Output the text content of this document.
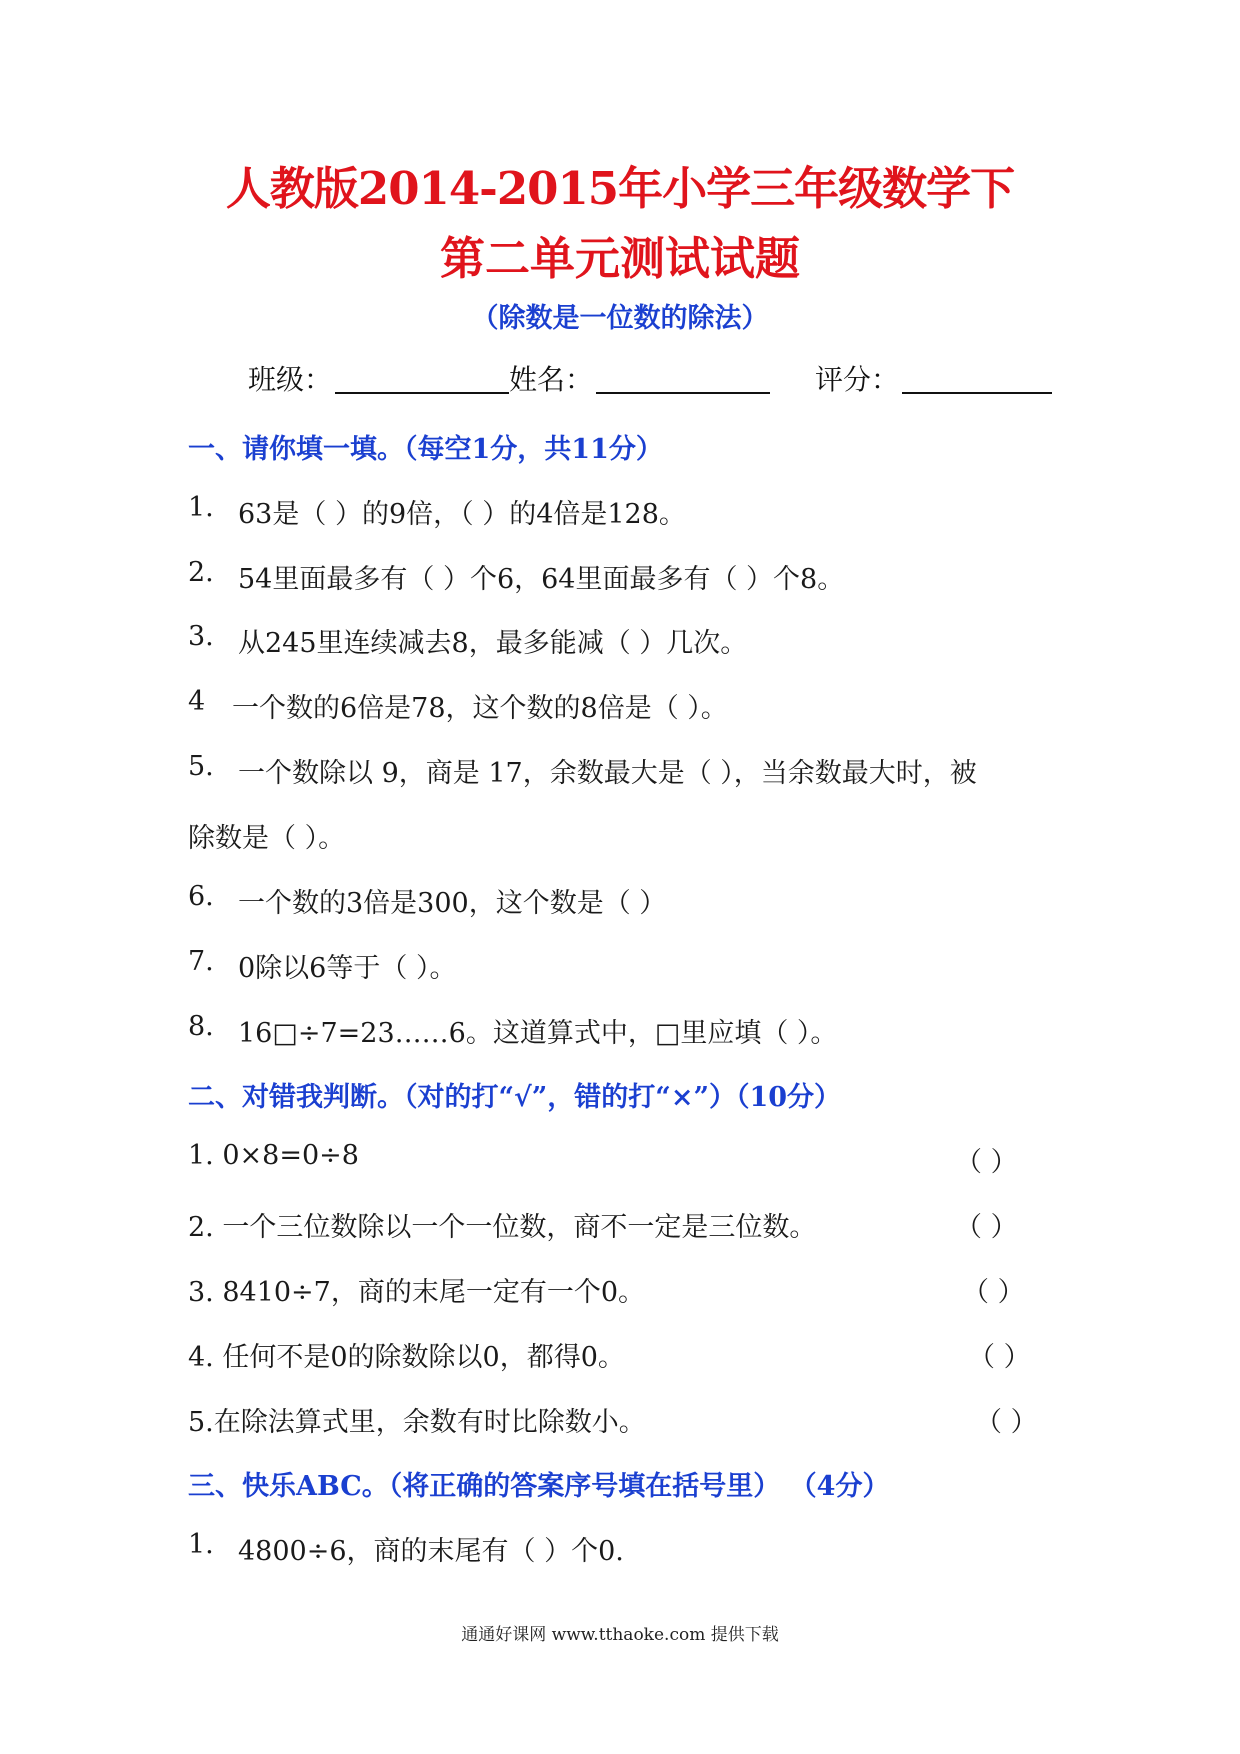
人教版2014-2015年小学三年级数学下
第二单元测试试题
（除数是一位数的除法）
班级：	姓名：	评分：
一、请你填一填。（每空1分，共11分）
1. 63是（ ）的9倍，（ ）的4倍是128。
2. 54里面最多有（ ）个6，64里面最多有（ ）个8。
3. 从245里连续减去8，最多能减（ ）几次。
4 一个数的6倍是78，这个数的8倍是（ ）。
5. 一个数除以 9，商是 17，余数最大是（ ），当余数最大时，被
除数是（ ）。
6. 一个数的3倍是300，这个数是（ ）
7. 0除以6等于（ ）。
8. 16□÷7=23……6。这道算式中，□里应填（ ）。
二、对错我判断。（对的打“√”，错的打“×”）（10分）
1. 0×8=0÷8	（ ）
2. 一个三位数除以一个一位数，商不一定是三位数。	（ ）
3. 8410÷7，商的末尾一定有一个0。	（ ）
4. 任何不是0的除数除以0，都得0。	（ ）
5.在除法算式里，余数有时比除数小。	（ ）
三、快乐ABC。（将正确的答案序号填在括号里） （4分）
1. 4800÷6，商的末尾有（ ）个0.
通通好课网 www.tthaoke.com 提供下载
